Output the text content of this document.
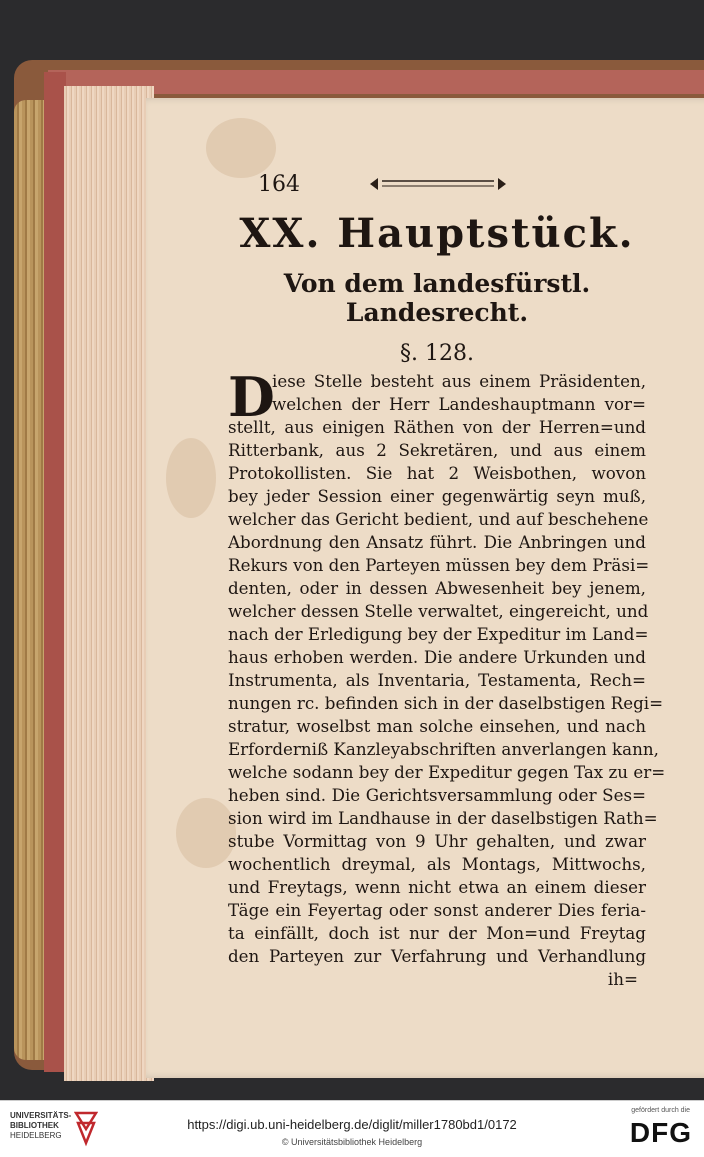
164
XX. Hauptstück.
Von dem landesfürstl. Landesrecht.
§. 128.
D
iese Stelle besteht aus einem Präsidenten,
welchen der Herr Landeshauptmann vor=
stellt, aus einigen Räthen von der Herren=und
Ritterbank, aus 2 Sekretären, und aus einem
Protokollisten. Sie hat 2 Weisbothen, wovon
bey jeder Session einer gegenwärtig seyn muß,
welcher das Gericht bedient, und auf beschehene
Abordnung den Ansatz führt. Die Anbringen und
Rekurs von den Parteyen müssen bey dem Präsi=
denten, oder in dessen Abwesenheit bey jenem,
welcher dessen Stelle verwaltet, eingereicht, und
nach der Erledigung bey der Expeditur im Land=
haus erhoben werden. Die andere Urkunden und
Instrumenta, als Inventaria, Testamenta, Rech=
nungen rc. befinden sich in der daselbstigen Regi=
stratur, woselbst man solche einsehen, und nach
Erforderniß Kanzleyabschriften anverlangen kann,
welche sodann bey der Expeditur gegen Tax zu er=
heben sind. Die Gerichtsversammlung oder Ses=
sion wird im Landhause in der daselbstigen Rath=
stube Vormittag von 9 Uhr gehalten, und zwar
wochentlich dreymal, als Montags, Mittwochs,
und Freytags, wenn nicht etwa an einem dieser
Täge ein Feyertag oder sonst anderer Dies feria-
ta einfällt, doch ist nur der Mon=und Freytag
den Parteyen zur Verfahrung und Verhandlung
ih=
UNIVERSITÄTS-
BIBLIOTHEK
HEIDELBERG
https://digi.ub.uni-heidelberg.de/diglit/miller1780bd1/0172
© Universitätsbibliothek Heidelberg
gefördert durch die
DFG
